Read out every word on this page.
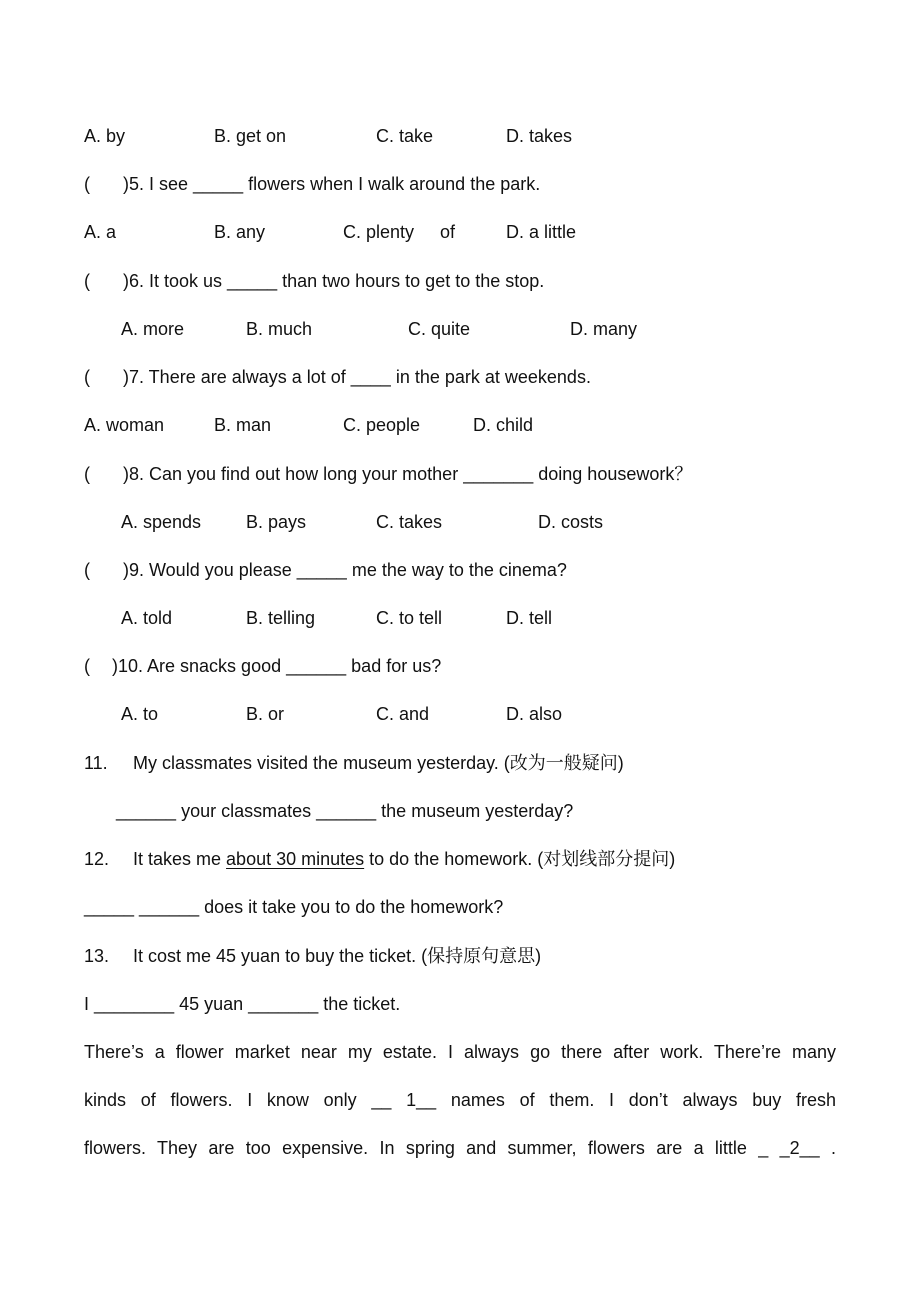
A. by	B. get on	C. take	D. takes
( )5. I see _____ flowers when I walk around the park.
A. a	B. any	C. plenty of	D. a little
( )6. It took us _____ than two hours to get to the stop.
A. more	B. much	C. quite	D. many
( )7. There are always a lot of ____ in the park at weekends.
A. woman	B. man	C. people	D. child
( )8. Can you find out how long your mother _______ doing housework？
A. spends B. pays	C. takes	D. costs
( )9. Would you please _____ me the way to the cinema?
A. told	B. telling	C. to tell	D. tell
( )10. Are snacks good ______ bad for us?
A. to	B. or	C. and	D. also
11. My classmates visited the museum yesterday. (改为一般疑问)
______ your classmates ______ the museum yesterday?
12. It takes me about 30 minutes to do the homework. (对划线部分提问)
_____ ______ does it take you to do the homework?
13. It cost me 45 yuan to buy the ticket. (保持原句意思)
I ________ 45 yuan _______ the ticket.
There’s a flower market near my estate. I always go there after work. There’re many
kinds of flowers. I know only __ 1__ names of them. I don’t always buy fresh
flowers. They are too expensive. In spring and summer, flowers are a little _ _2__ .
